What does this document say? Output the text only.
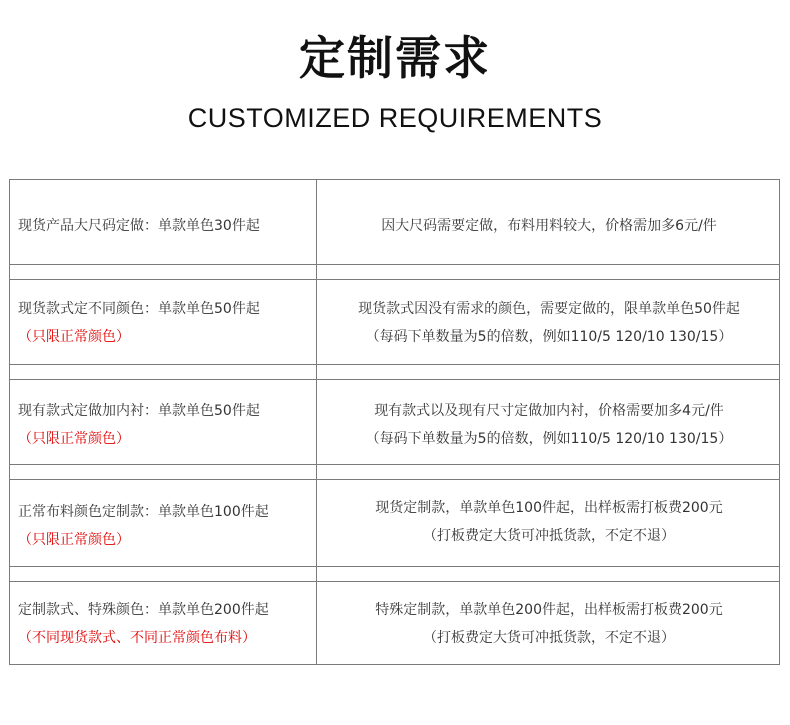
定制需求
CUSTOMIZED REQUIREMENTS
现货产品大尺码定做：单款单色30件起	因大尺码需要定做，布料用料较大，价格需加多6元/件
现货款式定不同颜色：单款单色50件起
（只限正常颜色）
现货款式因没有需求的颜色，需要定做的，限单款单色50件起
（每码下单数量为5的倍数，例如110/5 120/10 130/15）
现有款式定做加内衬：单款单色50件起
（只限正常颜色）
现有款式以及现有尺寸定做加内衬，价格需要加多4元/件
（每码下单数量为5的倍数，例如110/5 120/10 130/15）
正常布料颜色定制款：单款单色100件起
（只限正常颜色）
现货定制款，单款单色100件起，出样板需打板费200元
（打板费定大货可冲抵货款，不定不退）
定制款式、特殊颜色：单款单色200件起
（不同现货款式、不同正常颜色布料）
特殊定制款，单款单色200件起，出样板需打板费200元
（打板费定大货可冲抵货款，不定不退）
